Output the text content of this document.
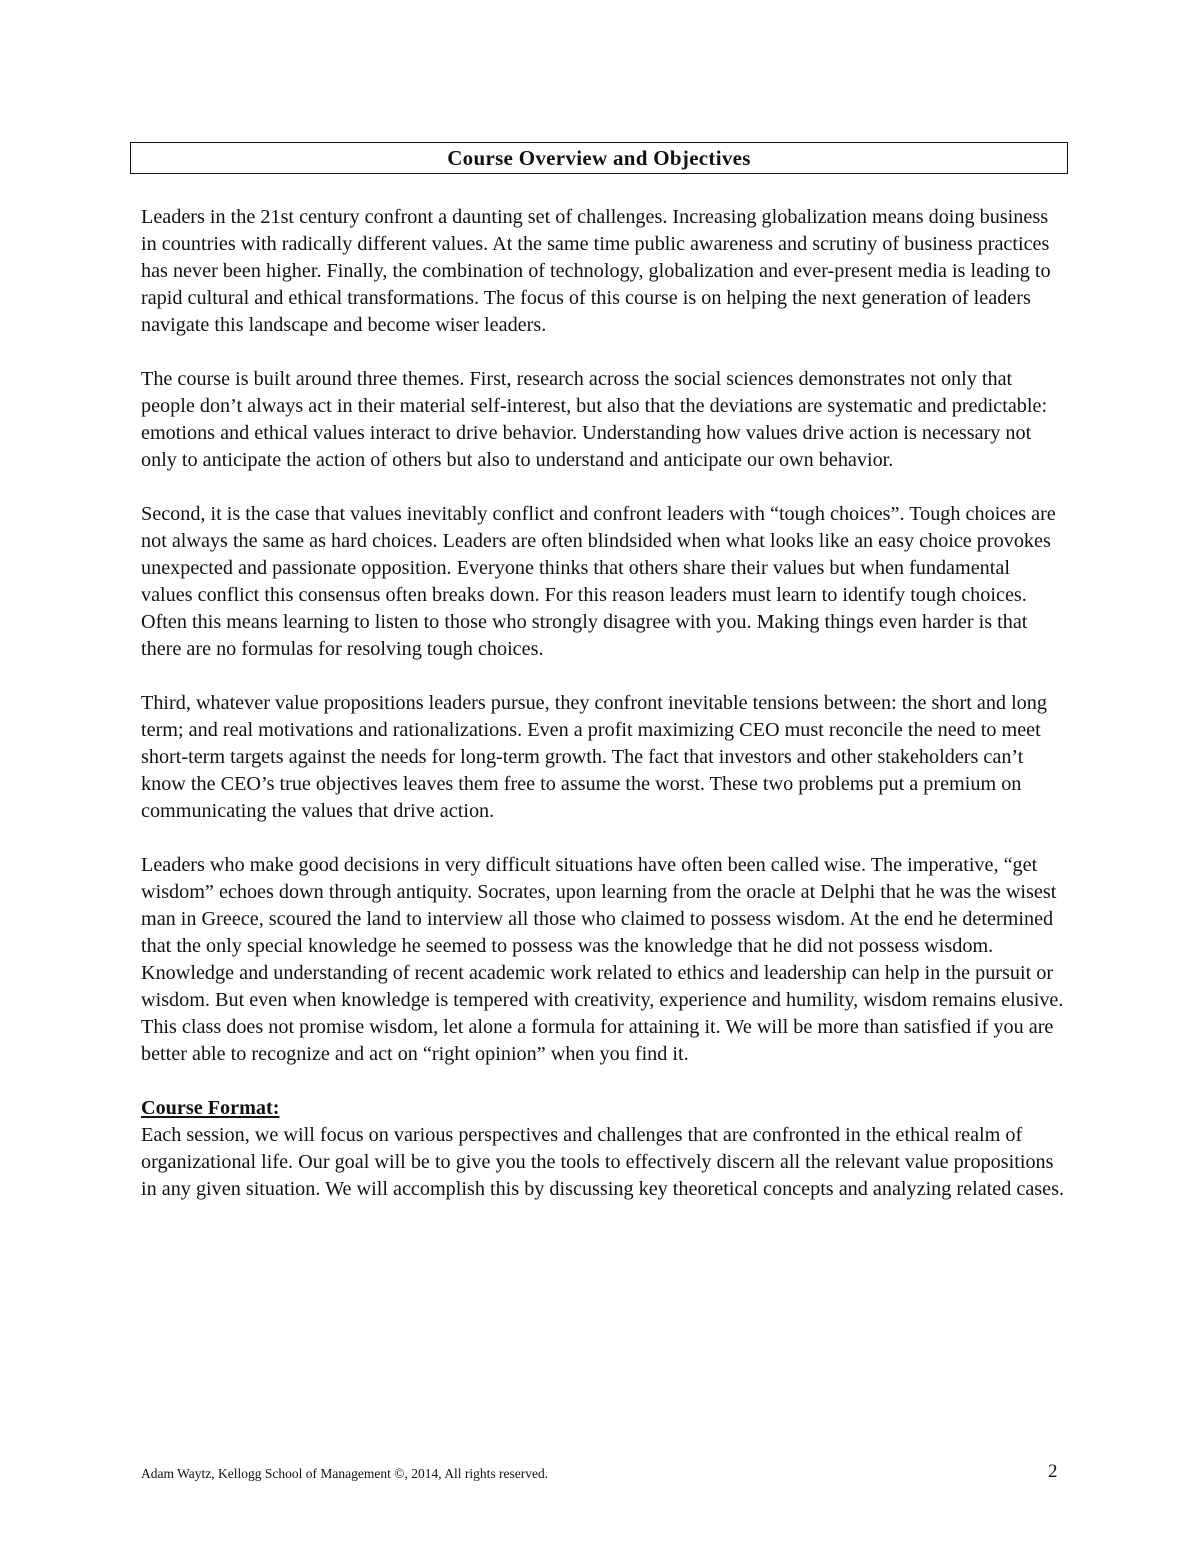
Course Overview and Objectives

Leaders in the 21st century confront a daunting set of challenges. Increasing globalization means doing business in countries with radically different values. At the same time public awareness and scrutiny of business practices has never been higher. Finally, the combination of technology, globalization and ever-present media is leading to rapid cultural and ethical transformations. The focus of this course is on helping the next generation of leaders navigate this landscape and become wiser leaders.

The course is built around three themes. First, research across the social sciences demonstrates not only that people don’t always act in their material self-interest, but also that the deviations are systematic and predictable: emotions and ethical values interact to drive behavior. Understanding how values drive action is necessary not only to anticipate the action of others but also to understand and anticipate our own behavior.

Second, it is the case that values inevitably conflict and confront leaders with “tough choices”. Tough choices are not always the same as hard choices. Leaders are often blindsided when what looks like an easy choice provokes unexpected and passionate opposition. Everyone thinks that others share their values but when fundamental values conflict this consensus often breaks down. For this reason leaders must learn to identify tough choices. Often this means learning to listen to those who strongly disagree with you. Making things even harder is that there are no formulas for resolving tough choices.

Third, whatever value propositions leaders pursue, they confront inevitable tensions between: the short and long term; and real motivations and rationalizations. Even a profit maximizing CEO must reconcile the need to meet short-term targets against the needs for long-term growth. The fact that investors and other stakeholders can’t know the CEO’s true objectives leaves them free to assume the worst. These two problems put a premium on communicating the values that drive action.

Leaders who make good decisions in very difficult situations have often been called wise. The imperative, “get wisdom” echoes down through antiquity. Socrates, upon learning from the oracle at Delphi that he was the wisest man in Greece, scoured the land to interview all those who claimed to possess wisdom. At the end he determined that the only special knowledge he seemed to possess was the knowledge that he did not possess wisdom. Knowledge and understanding of recent academic work related to ethics and leadership can help in the pursuit or wisdom. But even when knowledge is tempered with creativity, experience and humility, wisdom remains elusive. This class does not promise wisdom, let alone a formula for attaining it. We will be more than satisfied if you are better able to recognize and act on “right opinion” when you find it.

Course Format:

Each session, we will focus on various perspectives and challenges that are confronted in the ethical realm of organizational life. Our goal will be to give you the tools to effectively discern all the relevant value propositions in any given situation. We will accomplish this by discussing key theoretical concepts and analyzing related cases.

Adam Waytz, Kellogg School of Management ©, 2014, All rights reserved.	2
